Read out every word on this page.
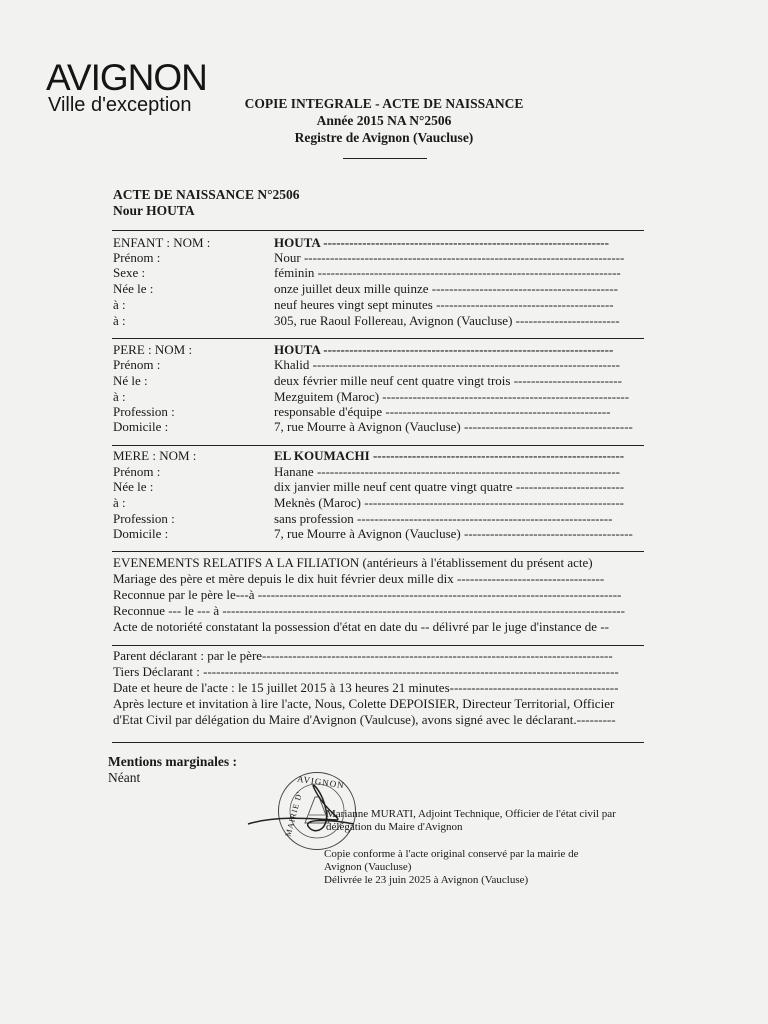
AVIGNON
Ville d'exception	COPIE INTEGRALE - ACTE DE NAISSANCE
Année 2015 NA N°2506
Registre de Avignon (Vaucluse)
ACTE DE NAISSANCE N°2506
Nour HOUTA
ENFANT : NOM :	HOUTA ------------------------------------------------------------------
Prénom :	Nour --------------------------------------------------------------------------
Sexe :	féminin ----------------------------------------------------------------------
Née le :	onze juillet deux mille quinze -------------------------------------------
à :	neuf heures vingt sept minutes -----------------------------------------
à :	305, rue Raoul Follereau, Avignon (Vaucluse) ------------------------
PERE : NOM :	HOUTA -------------------------------------------------------------------
Prénom :	Khalid -----------------------------------------------------------------------
Né le :	deux février mille neuf cent quatre vingt trois -------------------------
à :	Mezguitem (Maroc) ---------------------------------------------------------
Profession :	responsable d'équipe ----------------------------------------------------
Domicile :	7, rue Mourre à Avignon (Vaucluse) ---------------------------------------
MERE : NOM :	EL KOUMACHI ----------------------------------------------------------
Prénom :	Hanane ----------------------------------------------------------------------
Née le :	dix janvier mille neuf cent quatre vingt quatre -------------------------
à :	Meknès (Maroc) ------------------------------------------------------------
Profession :	sans profession -----------------------------------------------------------
Domicile :	7, rue Mourre à Avignon (Vaucluse) ---------------------------------------
EVENEMENTS RELATIFS A LA FILIATION (antérieurs à l'établissement du présent acte)
Mariage des père et mère depuis le dix huit février deux mille dix ----------------------------------
Reconnue par le père le---à ------------------------------------------------------------------------------------
Reconnue --- le --- à ---------------------------------------------------------------------------------------------
Acte de notoriété constatant la possession d'état en date du -- délivré par le juge d'instance de --
Parent déclarant : par le père---------------------------------------------------------------------------------
Tiers Déclarant : ------------------------------------------------------------------------------------------------
Date et heure de l'acte : le 15 juillet 2015 à 13 heures 21 minutes---------------------------------------
Après lecture et invitation à lire l'acte, Nous, Colette DEPOISIER, Directeur Territorial, Officier
d'Etat Civil par délégation du Maire d'Avignon (Vaulcuse), avons signé avec le déclarant.---------
Mentions marginales :
Néant	AVIGNON
MAIRIE D' Marianne MURATI, Adjoint Technique, Officier de l'état civil par
délégation du Maire d'Avignon
Copie conforme à l'acte original conservé par la mairie de
Avignon (Vaucluse)
Délivrée le 23 juin 2025 à Avignon (Vaucluse)
